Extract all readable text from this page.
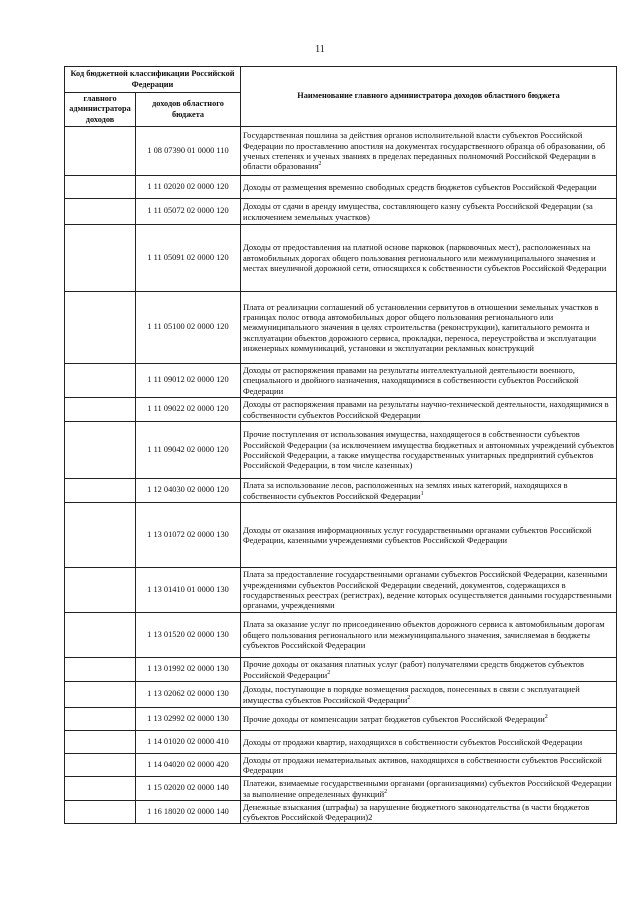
11
Код бюджетной классификации Российской Федерации		Наименование главного администратора доходов областного бюджета
главного администратора доходов	доходов областного бюджета	
	1 08 07390 01 0000 110	Государственная пошлина за действия органов исполнительной власти субъектов Российской Федерации по проставлению апостиля на документах государственного образца об образовании, об ученых степенях и ученых званиях в пределах переданных полномочий Российской Федерации в области образования$^2$
	1 11 02020 02 0000 120	Доходы от размещения временно свободных средств бюджетов субъектов Российской Федерации
	1 11 05072 02 0000 120	Доходы от сдачи в аренду имущества, составляющего казну субъекта Российской Федерации (за исключением земельных участков)
	1 11 05091 02 0000 120	Доходы от предоставления на платной основе парковок (парковочных мест), расположенных на автомобильных дорогах общего пользования регионального или межмуниципального значения и местах внеуличной дорожной сети, относящихся к собственности субъектов Российской Федерации
	1 11 05100 02 0000 120	Плата от реализации соглашений об установлении сервитутов в отношении земельных участков в границах полос отвода автомобильных дорог общего пользования регионального или межмуниципального значения в целях строительства (реконструкции), капитального ремонта и эксплуатации объектов дорожного сервиса, прокладки, переноса, переустройства и эксплуатации инженерных коммуникаций, установки и эксплуатации рекламных конструкций
	1 11 09012 02 0000 120	Доходы от распоряжения правами на результаты интеллектуальной деятельности военного, специального и двойного назначения, находящимися в собственности субъектов Российской Федерации
	1 11 09022 02 0000 120	Доходы от распоряжения правами на результаты научно-технической деятельности, находящимися в собственности субъектов Российской Федерации
	1 11 09042 02 0000 120	Прочие поступления от использования имущества, находящегося в собственности субъектов Российской Федерации (за исключением имущества бюджетных и автономных учреждений субъектов Российской Федерации, а также имущества государственных унитарных предприятий субъектов Российской Федерации, в том числе казенных)
	1 12 04030 02 0000 120	Плата за использование лесов, расположенных на землях иных категорий, находящихся в собственности субъектов Российской Федерации$^1$
	1 13 01072 02 0000 130	Доходы от оказания информационных услуг государственными органами субъектов Российской Федерации, казенными учреждениями субъектов Российской Федерации
	1 13 01410 01 0000 130	Плата за предоставление государственными органами субъектов Российской Федерации, казенными учреждениями субъектов Российской Федерации сведений, документов, содержащихся в государственных реестрах (регистрах), ведение которых осуществляется данными государственными органами, учреждениями
	1 13 01520 02 0000 130	Плата за оказание услуг по присоединению объектов дорожного сервиса к автомобильным дорогам общего пользования регионального или межмуниципального значения, зачисляемая в бюджеты субъектов Российской Федерации
	1 13 01992 02 0000 130	Прочие доходы от оказания платных услуг (работ) получателями средств бюджетов субъектов Российской Федерации$^2$
	1 13 02062 02 0000 130	Доходы, поступающие в порядке возмещения расходов, понесенных в связи с эксплуатацией имущества субъектов Российской Федерации$^2$
	1 13 02992 02 0000 130	Прочие доходы от компенсации затрат бюджетов субъектов Российской Федерации$^2$
	1 14 01020 02 0000 410	Доходы от продажи квартир, находящихся в собственности субъектов Российской Федерации
	1 14 04020 02 0000 420	Доходы от продажи нематериальных активов, находящихся в собственности субъектов Российской Федерации
	1 15 02020 02 0000 140	Платежи, взимаемые государственными органами (организациями) субъектов Российской Федерации за выполнение определенных функций$^2$
	1 16 18020 02 0000 140	Денежные взыскания (штрафы) за нарушение бюджетного законодательства (в части бюджетов субъектов Российской Федерации)2
